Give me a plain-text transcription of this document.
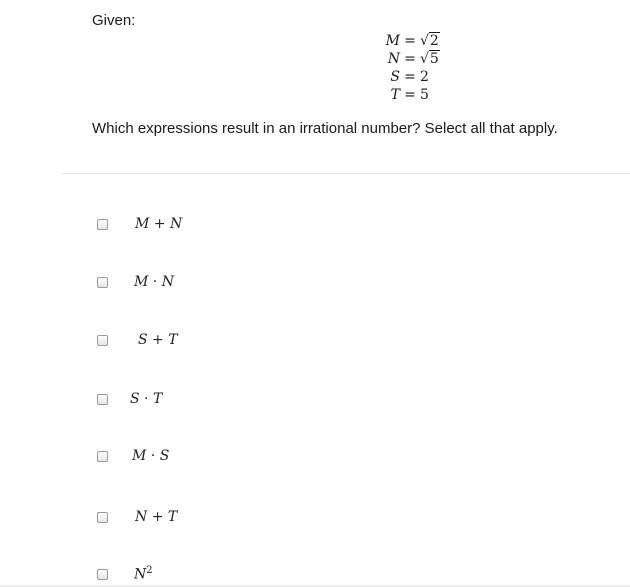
Given:
M = √2
N = √5
S = 2
T = 5
Which expressions result in an irrational number? Select all that apply.
M + N
M · N
S + T
S · T
M · S
N + T
$N^2$
